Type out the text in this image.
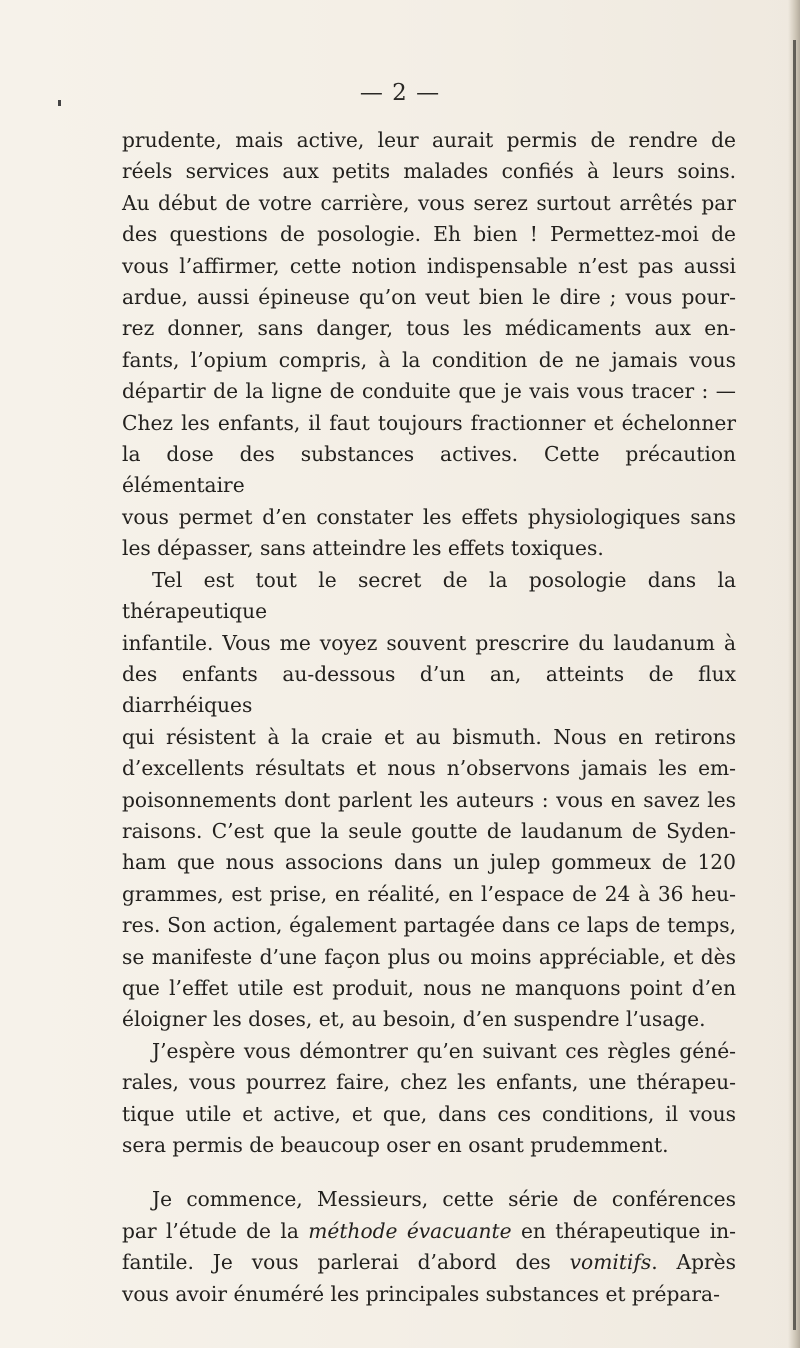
— 2 —

prudente, mais active, leur aurait permis de rendre de
réels services aux petits malades confiés à leurs soins.
Au début de votre carrière, vous serez surtout arrêtés par
des questions de posologie. Eh bien ! Permettez-moi de
vous l’affirmer, cette notion indispensable n’est pas aussi
ardue, aussi épineuse qu’on veut bien le dire ; vous pour-
rez donner, sans danger, tous les médicaments aux en-
fants, l’opium compris, à la condition de ne jamais vous
départir de la ligne de conduite que je vais vous tracer : —
Chez les enfants, il faut toujours fractionner et échelonner
la dose des substances actives. Cette précaution élémentaire
vous permet d’en constater les effets physiologiques sans
les dépasser, sans atteindre les effets toxiques.

Tel est tout le secret de la posologie dans la thérapeutique
infantile. Vous me voyez souvent prescrire du laudanum à
des enfants au-dessous d’un an, atteints de flux diarrhéiques
qui résistent à la craie et au bismuth. Nous en retirons
d’excellents résultats et nous n’observons jamais les em-
poisonnements dont parlent les auteurs : vous en savez les
raisons. C’est que la seule goutte de laudanum de Syden-
ham que nous associons dans un julep gommeux de 120
grammes, est prise, en réalité, en l’espace de 24 à 36 heu-
res. Son action, également partagée dans ce laps de temps,
se manifeste d’une façon plus ou moins appréciable, et dès
que l’effet utile est produit, nous ne manquons point d’en
éloigner les doses, et, au besoin, d’en suspendre l’usage.

J’espère vous démontrer qu’en suivant ces règles géné-
rales, vous pourrez faire, chez les enfants, une thérapeu-
tique utile et active, et que, dans ces conditions, il vous
sera permis de beaucoup oser en osant prudemment.

Je commence, Messieurs, cette série de conférences
par l’étude de la méthode évacuante en thérapeutique in-
fantile. Je vous parlerai d’abord des vomitifs. Après
vous avoir énuméré les principales substances et prépara-
